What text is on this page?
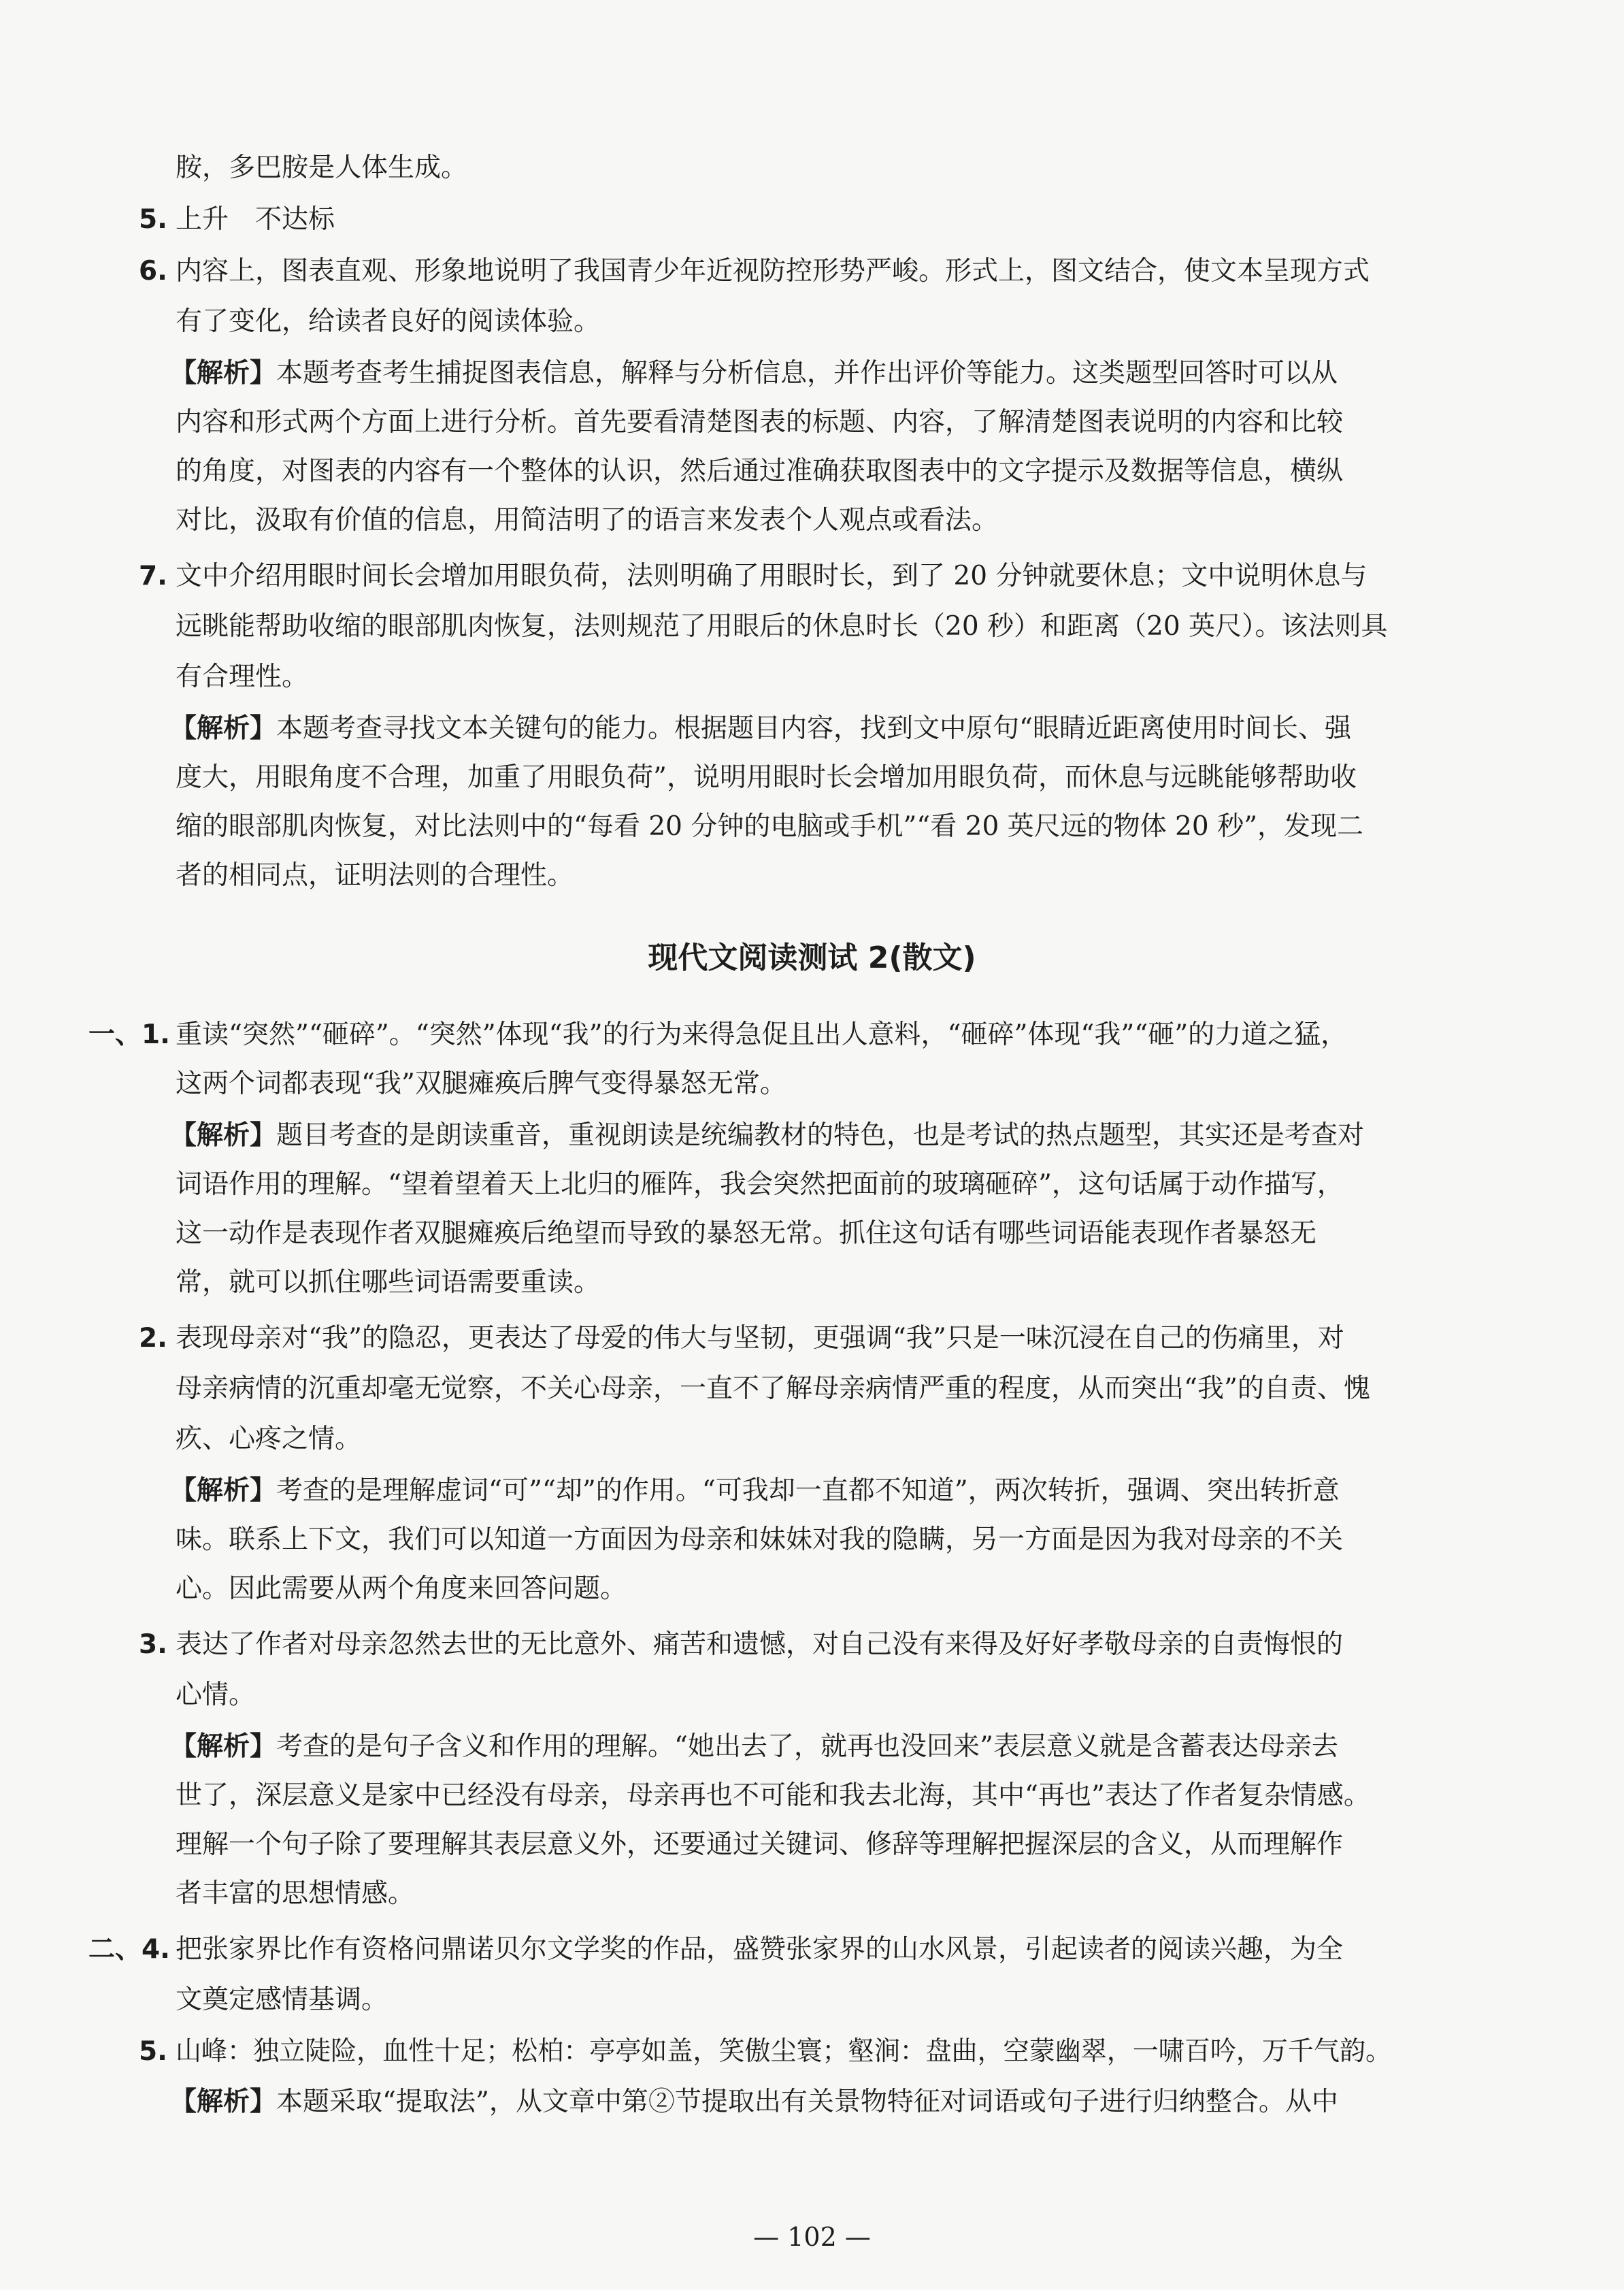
胺，多巴胺是人体生成。
5. 上升　不达标
6. 内容上，图表直观、形象地说明了我国青少年近视防控形势严峻。形式上，图文结合，使文本呈现方式
有了变化，给读者良好的阅读体验。
【解析】 本题考查考生捕捉图表信息，解释与分析信息，并作出评价等能力。这类题型回答时可以从
内容和形式两个方面上进行分析。首先要看清楚图表的标题、内容，了解清楚图表说明的内容和比较
的角度，对图表的内容有一个整体的认识，然后通过准确获取图表中的文字提示及数据等信息，横纵
对比，汲取有价值的信息，用简洁明了的语言来发表个人观点或看法。
7. 文中介绍用眼时间长会增加用眼负荷，法则明确了用眼时长，到了 20 分钟就要休息；文中说明休息与
远眺能帮助收缩的眼部肌肉恢复，法则规范了用眼后的休息时长（20 秒）和距离（20 英尺）。该法则具
有合理性。
【解析】 本题考查寻找文本关键句的能力。根据题目内容，找到文中原句“眼睛近距离使用时间长、强
度大，用眼角度不合理，加重了用眼负荷”，说明用眼时长会增加用眼负荷，而休息与远眺能够帮助收
缩的眼部肌肉恢复，对比法则中的“每看 20 分钟的电脑或手机”“看 20 英尺远的物体 20 秒”，发现二
者的相同点，证明法则的合理性。
现代文阅读测试 2(散文)
一、1. 重读“突然”“砸碎”。“突然”体现“我”的行为来得急促且出人意料，“砸碎”体现“我”“砸”的力道之猛，
这两个词都表现“我”双腿瘫痪后脾气变得暴怒无常。
【解析】 题目考查的是朗读重音，重视朗读是统编教材的特色，也是考试的热点题型，其实还是考查对
词语作用的理解。“望着望着天上北归的雁阵，我会突然把面前的玻璃砸碎”，这句话属于动作描写，
这一动作是表现作者双腿瘫痪后绝望而导致的暴怒无常。抓住这句话有哪些词语能表现作者暴怒无
常，就可以抓住哪些词语需要重读。
2. 表现母亲对“我”的隐忍，更表达了母爱的伟大与坚韧，更强调“我”只是一味沉浸在自己的伤痛里，对
母亲病情的沉重却毫无觉察，不关心母亲，一直不了解母亲病情严重的程度，从而突出“我”的自责、愧
疚、心疼之情。
【解析】 考查的是理解虚词“可”“却”的作用。“可我却一直都不知道”，两次转折，强调、突出转折意
味。联系上下文，我们可以知道一方面因为母亲和妹妹对我的隐瞒，另一方面是因为我对母亲的不关
心。因此需要从两个角度来回答问题。
3. 表达了作者对母亲忽然去世的无比意外、痛苦和遗憾，对自己没有来得及好好孝敬母亲的自责悔恨的
心情。
【解析】 考查的是句子含义和作用的理解。“她出去了，就再也没回来”表层意义就是含蓄表达母亲去
世了，深层意义是家中已经没有母亲，母亲再也不可能和我去北海，其中“再也”表达了作者复杂情感。
理解一个句子除了要理解其表层意义外，还要通过关键词、修辞等理解把握深层的含义，从而理解作
者丰富的思想情感。
二、4. 把张家界比作有资格问鼎诺贝尔文学奖的作品，盛赞张家界的山水风景，引起读者的阅读兴趣，为全
文奠定感情基调。
5. 山峰：独立陡险，血性十足；松柏：亭亭如盖，笑傲尘寰；壑涧：盘曲，空蒙幽翠，一啸百吟，万千气韵。
【解析】 本题采取“提取法”，从文章中第②节提取出有关景物特征对词语或句子进行归纳整合。从中
— 102 —
